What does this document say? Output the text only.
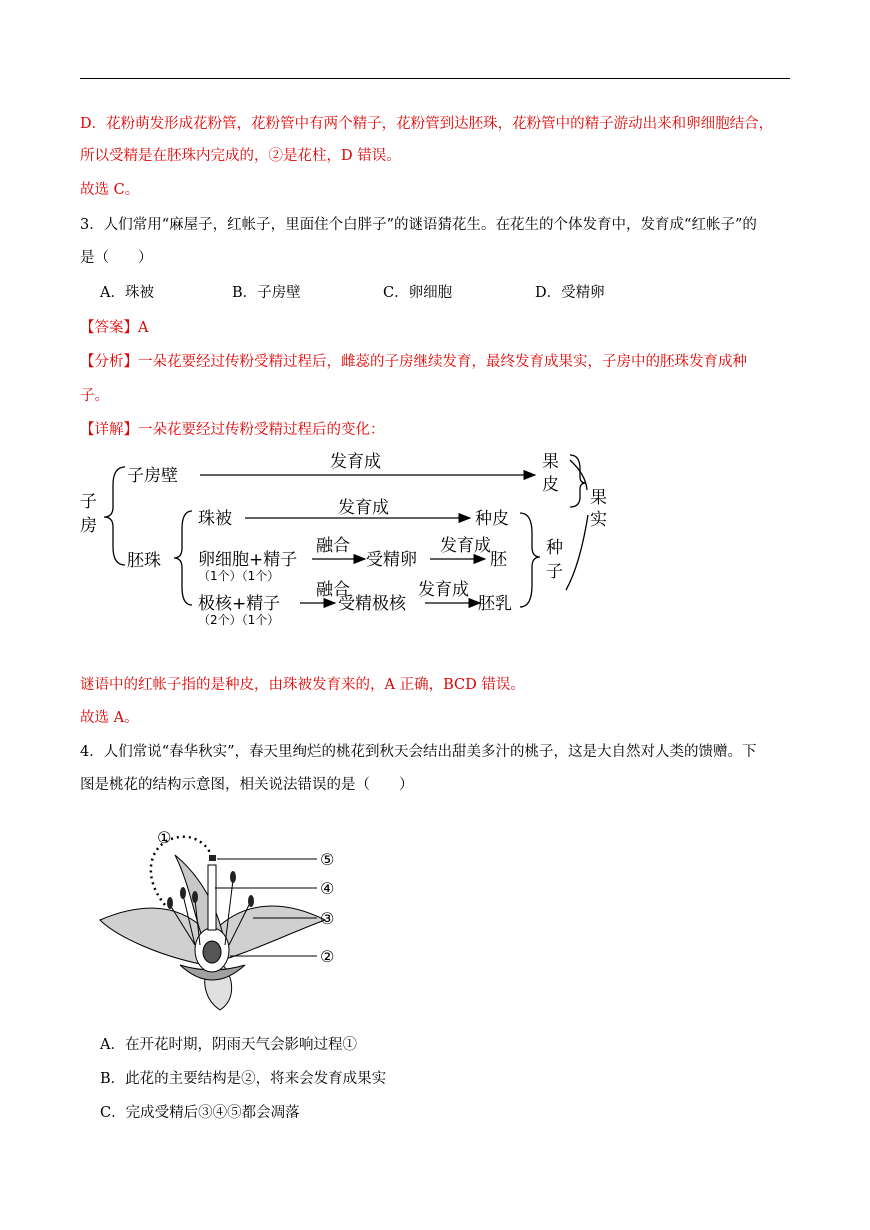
D．花粉萌发形成花粉管，花粉管中有两个精子，花粉管到达胚珠，花粉管中的精子游动出来和卵细胞结合，
所以受精是在胚珠内完成的，②是花柱，D 错误。
故选 C。
3．人们常用“麻屋子，红帐子，里面住个白胖子”的谜语猜花生。在花生的个体发育中，发育成“红帐子”的
是（　　）
A．珠被	B．子房壁	C．卵细胞	D．受精卵
【答案】A
【分析】一朵花要经过传粉受精过程后，雌蕊的子房继续发育，最终发育成果实，子房中的胚珠发育成种
子。
【详解】一朵花要经过传粉受精过程后的变化：
子
房
子房壁
发育成	果
皮
果
实
胚珠
珠被
发育成
种皮
种
子
卵细胞+精子
融合
受精卵
发育成
胚
极核+精子
融合
受精极核
发育成
胚乳
（1个）（1个）
（2个）（1个）
谜语中的红帐子指的是种皮，由珠被发育来的，A 正确，BCD 错误。
故选 A。
4．人们常说“春华秋实”，春天里绚烂的桃花到秋天会结出甜美多汁的桃子，这是大自然对人类的馈赠。下
图是桃花的结构示意图，相关说法错误的是（　　）
①
⑤
④
③
②
A．在开花时期，阴雨天气会影响过程①
B．此花的主要结构是②，将来会发育成果实
C．完成受精后③④⑤都会凋落
